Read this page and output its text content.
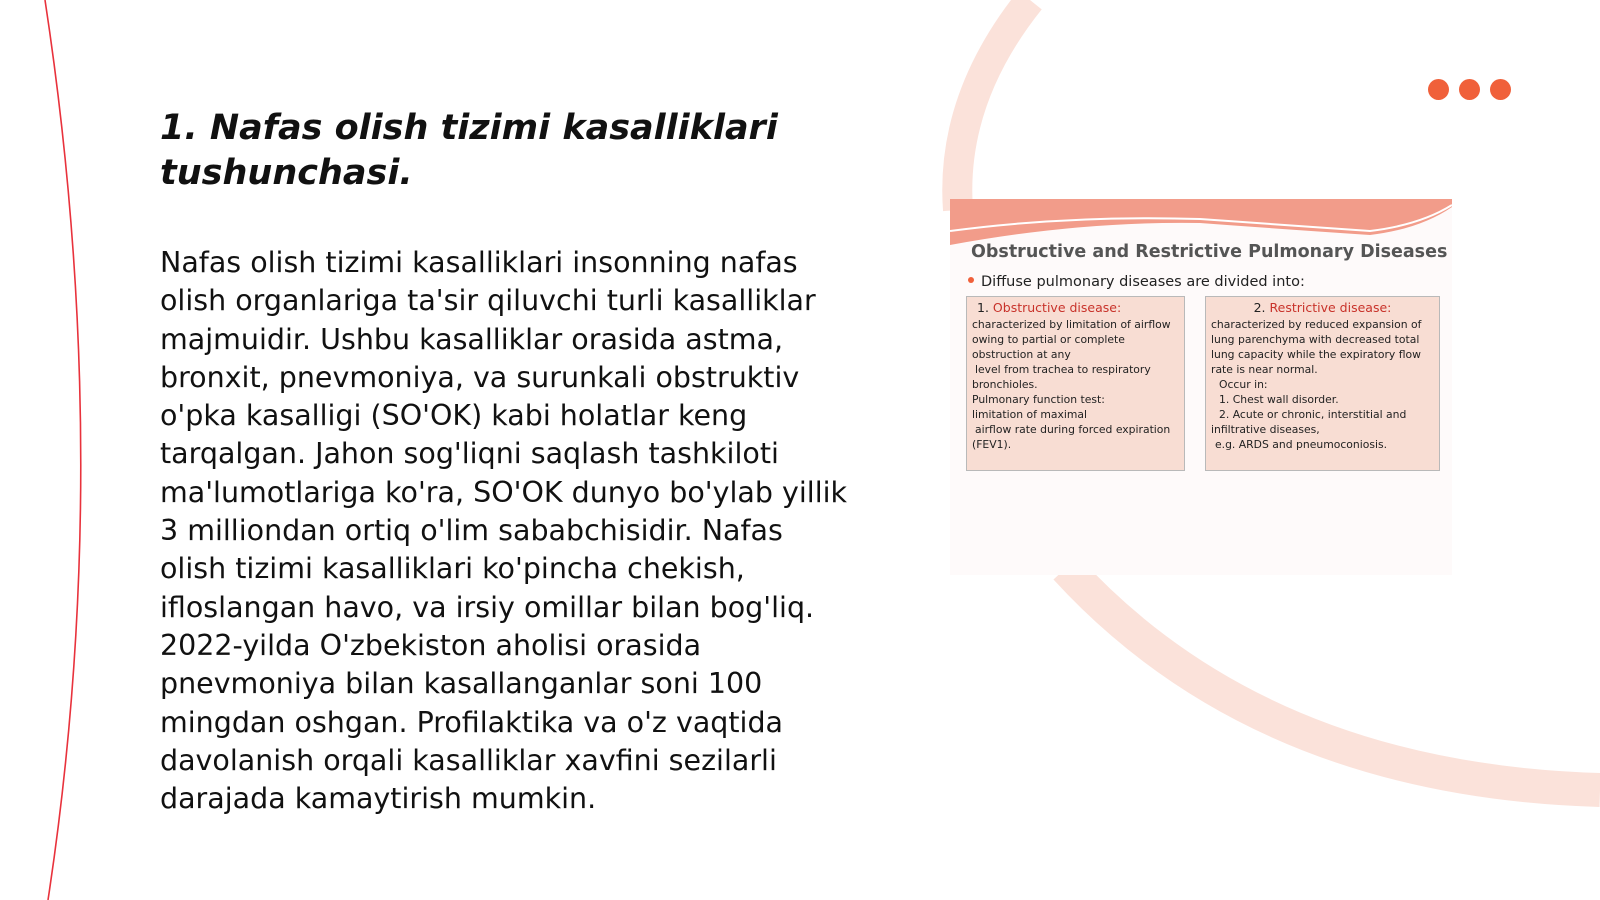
1. Nafas olish tizimi kasalliklari tushunchasi.

Nafas olish tizimi kasalliklari insonning nafas olish organlariga ta'sir qiluvchi turli kasalliklar majmuidir. Ushbu kasalliklar orasida astma, bronxit, pnevmoniya, va surunkali obstruktiv o'pka kasalligi (SO'OK) kabi holatlar keng tarqalgan. Jahon sog'liqni saqlash tashkiloti ma'lumotlariga ko'ra, SO'OK dunyo bo'ylab yillik 3 milliondan ortiq o'lim sababchisidir. Nafas olish tizimi kasalliklari ko'pincha chekish, ifloslangan havo, va irsiy omillar bilan bog'liq. 2022-yilda O'zbekiston aholisi orasida pnevmoniya bilan kasallanganlar soni 100 mingdan oshgan. Profilaktika va o'z vaqtida davolanish orqali kasalliklar xavfini sezilarli darajada kamaytirish mumkin.

Obstructive and Restrictive Pulmonary Diseases
Diffuse pulmonary diseases are divided into:
1. Obstructive disease:
characterized by limitation of airflow
owing to partial or complete
obstruction at any
level from trachea to respiratory
bronchioles.
Pulmonary function test:
limitation of maximal
airflow rate during forced expiration
(FEV1).
2. Restrictive disease:
characterized by reduced expansion of
lung parenchyma with decreased total
lung capacity while the expiratory flow
rate is near normal.
Occur in:
1. Chest wall disorder.
2. Acute or chronic, interstitial and
infiltrative diseases,
e.g. ARDS and pneumoconiosis.
